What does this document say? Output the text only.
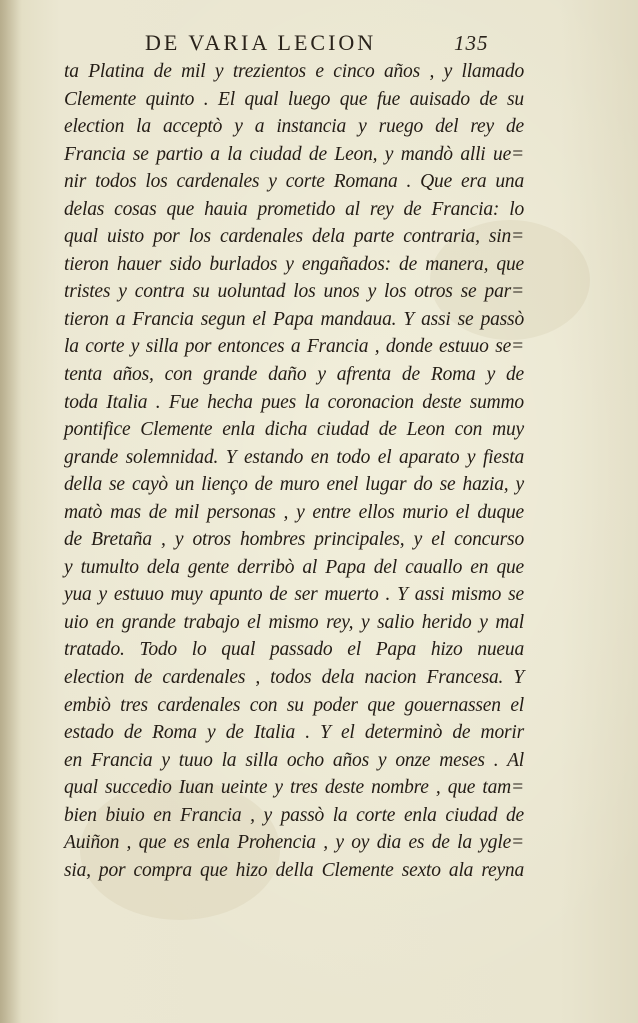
DE VARIA LECION	135
ta Platina de mil y trezientos e cinco años , y llamado
Clemente quinto . El qual luego que fue auisado de su
election la acceptò y a instancia y ruego del rey de
Francia se partio a la ciudad de Leon, y mandò alli ue=
nir todos los cardenales y corte Romana . Que era una
delas cosas que hauia prometido al rey de Francia: lo
qual uisto por los cardenales dela parte contraria, sin=
tieron hauer sido burlados y engañados: de manera, que
tristes y contra su uoluntad los unos y los otros se par=
tieron a Francia segun el Papa mandaua. Y assi se passò
la corte y silla por entonces a Francia , donde estuuo se=
tenta años, con grande daño y afrenta de Roma y de
toda Italia . Fue hecha pues la coronacion deste summo
pontifice Clemente enla dicha ciudad de Leon con muy
grande solemnidad. Y estando en todo el aparato y fiesta
della se cayò un lienço de muro enel lugar do se hazia, y
matò mas de mil personas , y entre ellos murio el duque
de Bretaña , y otros hombres principales, y el concurso
y tumulto dela gente derribò al Papa del cauallo en que
yua y estuuo muy apunto de ser muerto . Y assi mismo se
uio en grande trabajo el mismo rey, y salio herido y mal
tratado. Todo lo qual passado el Papa hizo nueua
election de cardenales , todos dela nacion Francesa. Y
embiò tres cardenales con su poder que gouernassen el
estado de Roma y de Italia . Y el determinò de morir
en Francia y tuuo la silla ocho años y onze meses . Al
qual succedio Iuan ueinte y tres deste nombre , que tam=
bien biuio en Francia , y passò la corte enla ciudad de
Auiñon , que es enla Prohencia , y oy dia es de la ygle=
sia, por compra que hizo della Clemente sexto ala reyna
